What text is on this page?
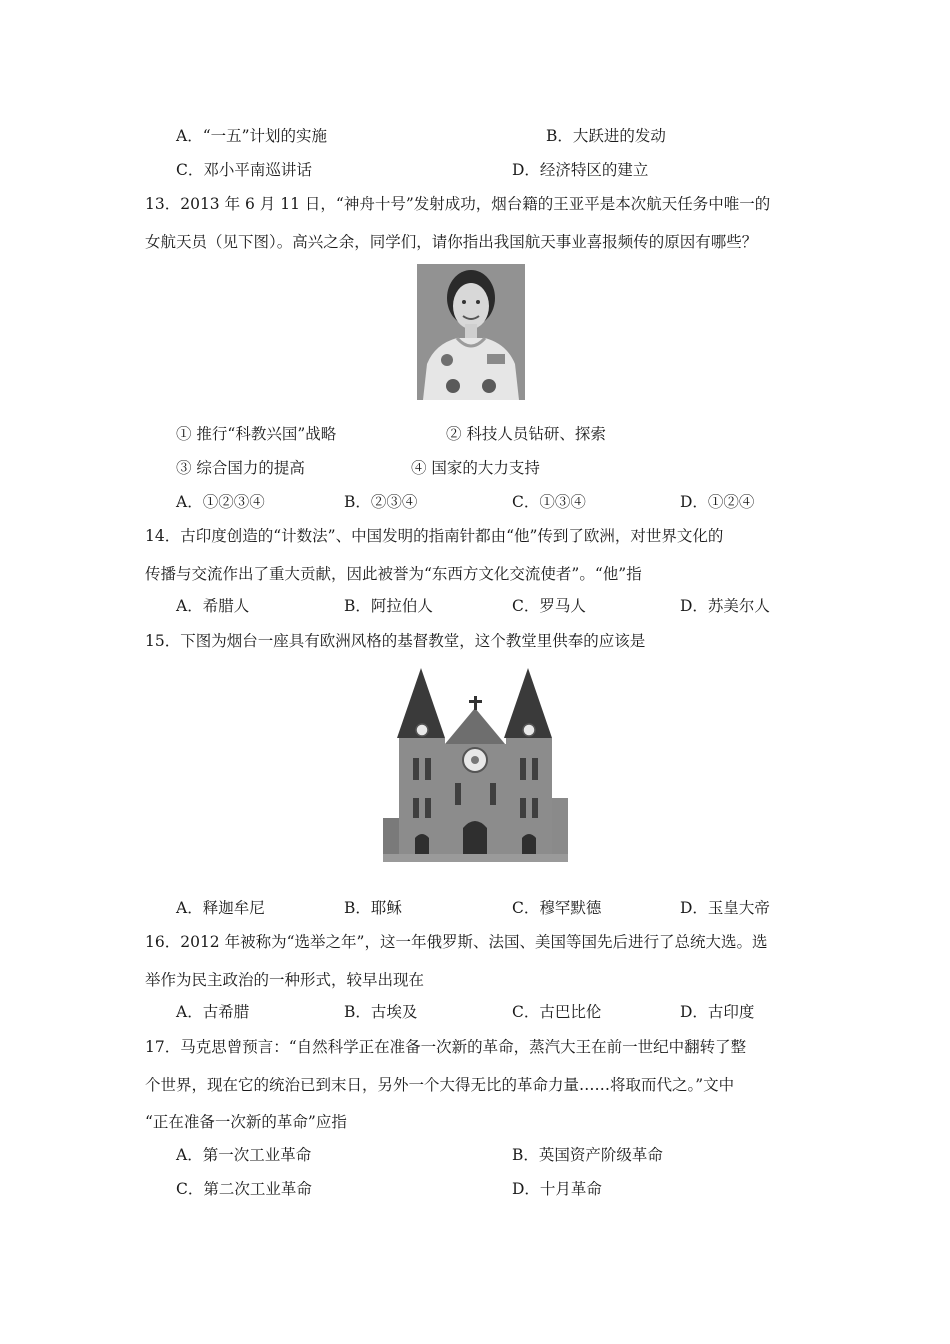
A．“一五”计划的实施	B．大跃进的发动
C．邓小平南巡讲话	D．经济特区的建立
13．2013 年 6 月 11 日，“神舟十号”发射成功，烟台籍的王亚平是本次航天任务中唯一的
女航天员（见下图）。高兴之余，同学们，请你指出我国航天事业喜报频传的原因有哪些？
① 推行“科教兴国”战略	② 科技人员钻研、探索
③ 综合国力的提高	④ 国家的大力支持
A．①②③④	B．②③④	C．①③④	D．①②④
14．古印度创造的“计数法”、中国发明的指南针都由“他”传到了欧洲，对世界文化的
传播与交流作出了重大贡献，因此被誉为“东西方文化交流使者”。“他”指
A．希腊人	B．阿拉伯人	C．罗马人	D．苏美尔人
15．下图为烟台一座具有欧洲风格的基督教堂，这个教堂里供奉的应该是
A．释迦牟尼	B．耶稣	C．穆罕默德	D．玉皇大帝
16．2012 年被称为“选举之年”，这一年俄罗斯、法国、美国等国先后进行了总统大选。选
举作为民主政治的一种形式，较早出现在
A．古希腊	B．古埃及	C．古巴比伦	D．古印度
17．马克思曾预言：“自然科学正在准备一次新的革命，蒸汽大王在前一世纪中翻转了整
个世界，现在它的统治已到末日，另外一个大得无比的革命力量……将取而代之。”文中
“正在准备一次新的革命”应指
A．第一次工业革命	B．英国资产阶级革命
C．第二次工业革命	D．十月革命
